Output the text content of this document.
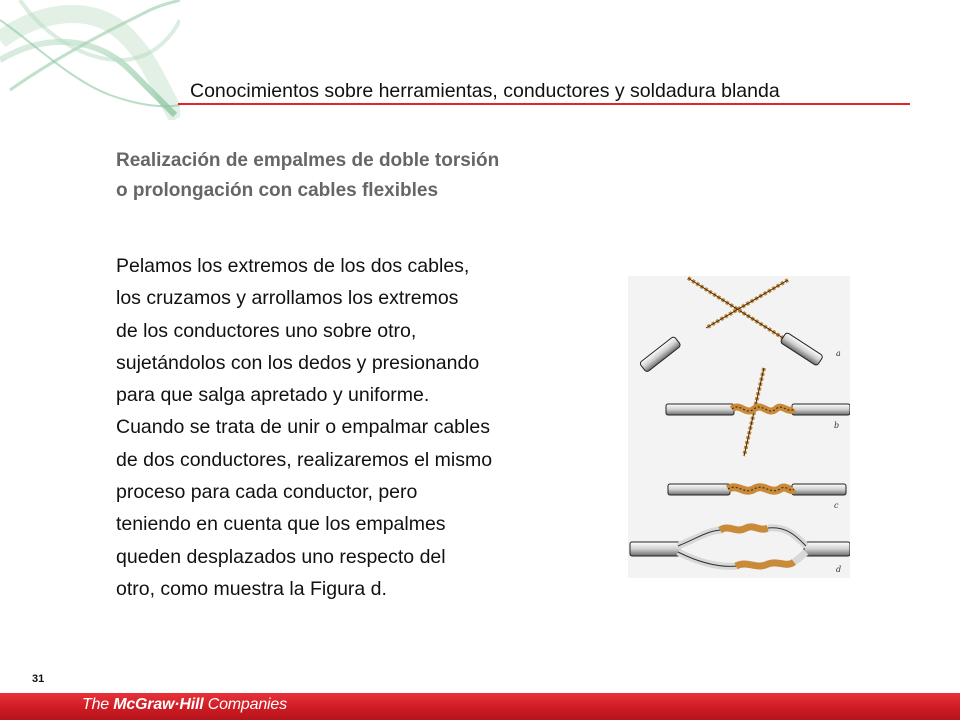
Conocimientos sobre herramientas, conductores y soldadura blanda
Realización de empalmes de doble torsión
o prolongación con cables flexibles

Pelamos los extremos de los dos cables,

los cruzamos y arrollamos los extremos

de los conductores uno sobre otro,

sujetándolos con los dedos y presionando

para que salga apretado y uniforme.

Cuando se trata de unir o empalmar cables

de dos conductores, realizaremos el mismo

proceso para cada conductor, pero

teniendo en cuenta que los empalmes

queden desplazados uno respecto del

otro, como muestra la Figura d.

a
b
c
d
31
The McGraw·Hill Companies
